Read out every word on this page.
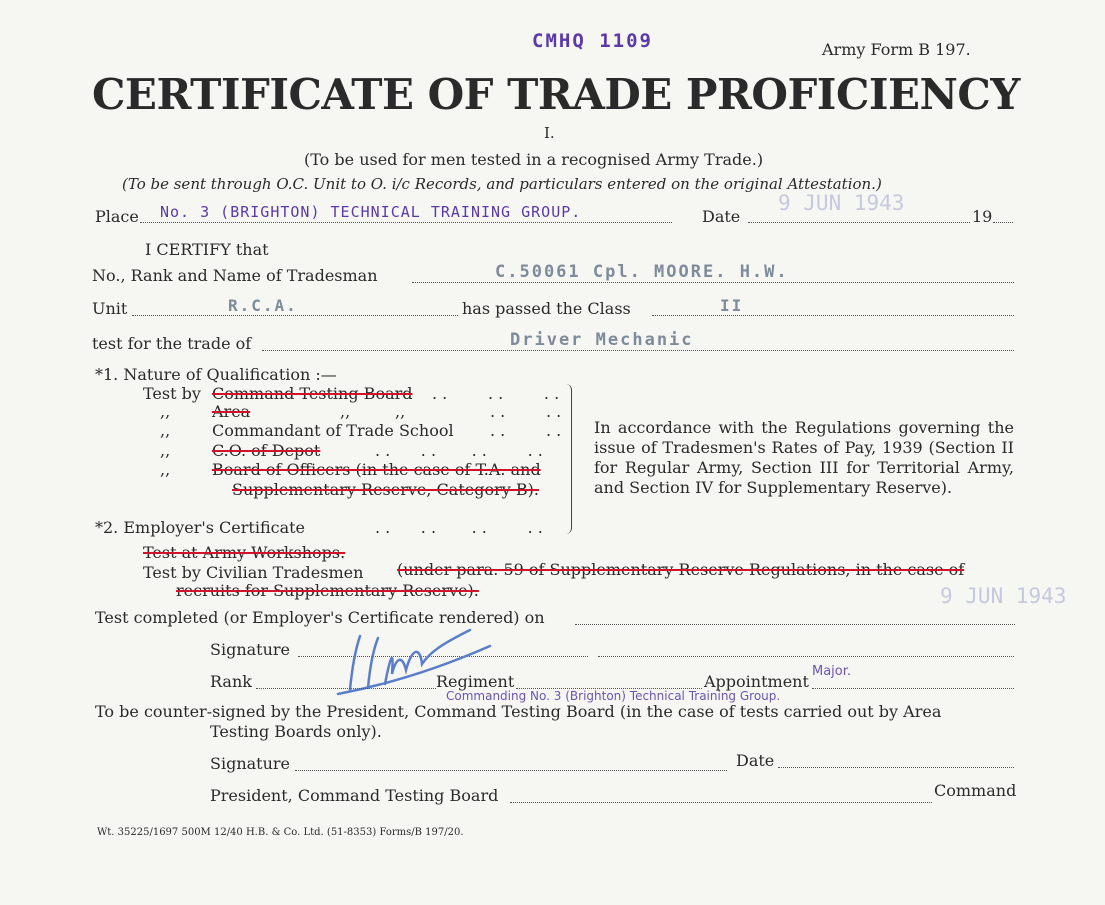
CMHQ 1109	Army Form B 197.
CERTIFICATE OF TRADE PROFICIENCY
I.
(To be used for men tested in a recognised Army Trade.)
(To be sent through O.C. Unit to O. i/c Records, and particulars entered on the original Attestation.)
Place No. 3 (BRIGHTON) TECHNICAL TRAINING GROUP.	Date
9 JUN 1943
19
I CERTIFY that
No., Rank and Name of Tradesman	C.50061 Cpl. MOORE. H.W.
Unit	R.C.A.	has passed the Class	II
test for the trade of	Driver Mechanic
*1. Nature of Qualification :—
Test by Command Testing Board . .        . .        . .
,,	Area	,,	,,	. .        . .
,,	Commandant of Trade School . .        . .
,,	C.O. of Depot	. .      . .       . .        . .
,,	Board of Officers (in the case of T.A. and
Supplementary Reserve, Category B).
In accordance with the Regulations governing the issue of Tradesmen's Rates of Pay, 1939 (Section II for Regular Army, Section III for Territorial Army, and Section IV for Supplementary Reserve).
*2. Employer's Certificate	. .      . .       . .        . .
Test at Army Workshops.
Test by Civilian Tradesmen (under para. 59 of Supplementary Reserve Regulations, in the case of
recruits for Supplementary Reserve).
Test completed (or Employer's Certificate rendered) on
9 JUN 1943
Signature
Rank	Regiment	Appointment
Major.
Commanding No. 3 (Brighton) Technical Training Group.
To be counter-signed by the President, Command Testing Board (in the case of tests carried out by Area
Testing Boards only).
Signature	Date
President, Command Testing Board	Command
Wt. 35225/1697 500M 12/40 H.B. & Co. Ltd. (51-8353) Forms/B 197/20.
